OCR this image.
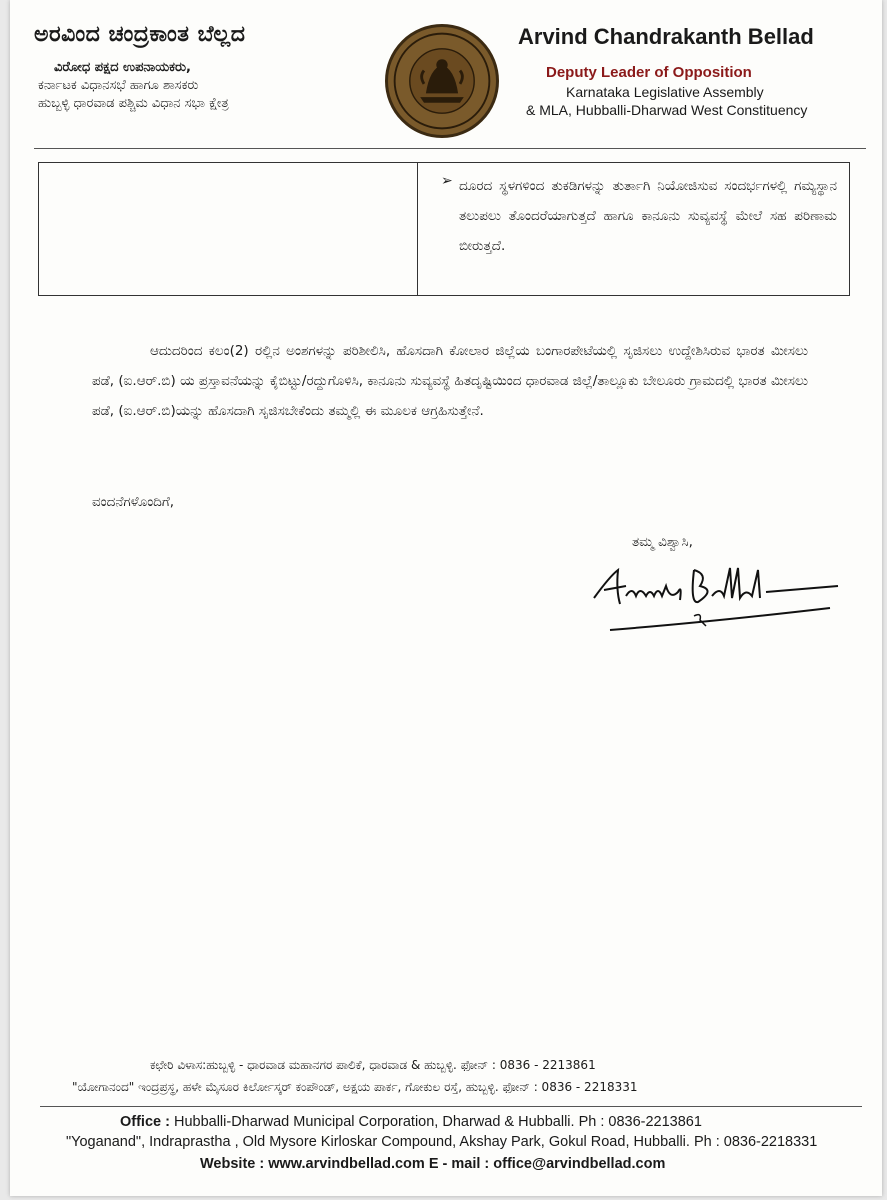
ಅರವಿಂದ ಚಂದ್ರಕಾಂತ ಬೆಲ್ಲದ
ವಿರೋಧ ಪಕ್ಷದ ಉಪನಾಯಕರು,
ಕರ್ನಾಟಕ ವಿಧಾನಸಭೆ ಹಾಗೂ ಶಾಸಕರು
ಹುಬ್ಬಳ್ಳಿ ಧಾರವಾಡ ಪಶ್ಚಿಮ ವಿಧಾನ ಸಭಾ ಕ್ಷೇತ್ರ
Arvind Chandrakanth Bellad
Deputy Leader of Opposition
Karnataka Legislative Assembly
& MLA, Hubballi-Dharwad West Constituency
➢ ದೂರದ ಸ್ಥಳಗಳಿಂದ ತುಕಡಿಗಳನ್ನು ತುರ್ತಾಗಿ ನಿಯೋಜಿಸುವ ಸಂದರ್ಭಗಳಲ್ಲಿ ಗಮ್ಯಸ್ಥಾನ ತಲುಪಲು ತೊಂದರೆಯಾಗುತ್ತದೆ ಹಾಗೂ ಕಾನೂನು ಸುವ್ಯವಸ್ಥೆ ಮೇಲೆ ಸಹ ಪರಿಣಾಮ ಬೀರುತ್ತದೆ.
ಆದುದರಿಂದ ಕಲಂ(2) ರಲ್ಲಿನ ಅಂಶಗಳನ್ನು ಪರಿಶೀಲಿಸಿ, ಹೊಸದಾಗಿ ಕೋಲಾರ ಜಿಲ್ಲೆಯ ಬಂಗಾರಪೇಟೆಯಲ್ಲಿ ಸೃಜಿಸಲು ಉದ್ದೇಶಿಸಿರುವ ಭಾರತ ಮೀಸಲು ಪಡೆ, (ಐ.ಆರ್.ಬಿ) ಯ ಪ್ರಸ್ತಾವನೆಯನ್ನು ಕೈಬಿಟ್ಟು/ರದ್ದುಗೊಳಿಸಿ, ಕಾನೂನು ಸುವ್ಯವಸ್ಥೆ ಹಿತದೃಷ್ಟಿಯಿಂದ ಧಾರವಾಡ ಜಿಲ್ಲೆ/ತಾಲ್ಲೂಕು ಬೇಲೂರು ಗ್ರಾಮದಲ್ಲಿ ಭಾರತ ಮೀಸಲು ಪಡೆ, (ಐ.ಆರ್.ಬಿ)ಯನ್ನು ಹೊಸದಾಗಿ ಸೃಜಿಸಬೇಕೆಂದು ತಮ್ಮಲ್ಲಿ ಈ ಮೂಲಕ ಆಗ್ರಹಿಸುತ್ತೇನೆ.
ವಂದನೆಗಳೊಂದಿಗೆ,
ತಮ್ಮ ವಿಶ್ವಾಸಿ,
ಕಛೇರಿ ವಿಳಾಸ:ಹುಬ್ಬಳ್ಳಿ - ಧಾರವಾಡ ಮಹಾನಗರ ಪಾಲಿಕೆ, ಧಾರವಾಡ & ಹುಬ್ಬಳ್ಳಿ. ಫೋನ್ : 0836 - 2213861
"ಯೋಗಾನಂದ" ಇಂದ್ರಪ್ರಸ್ಥ, ಹಳೇ ಮೈಸೂರ ಕಿರ್ಲೋಸ್ಕರ್ ಕಂಪೌಂಡ್, ಅಕ್ಷಯ ಪಾರ್ಕ, ಗೋಕುಲ ರಸ್ತೆ, ಹುಬ್ಬಳ್ಳಿ. ಫೋನ್ : 0836 - 2218331
Office : Hubballi-Dharwad Municipal Corporation, Dharwad & Hubballi. Ph : 0836-2213861
"Yoganand", Indraprastha , Old Mysore Kirloskar Compound, Akshay Park, Gokul Road, Hubballi. Ph : 0836-2218331
Website : www.arvindbellad.com E - mail : office@arvindbellad.com
